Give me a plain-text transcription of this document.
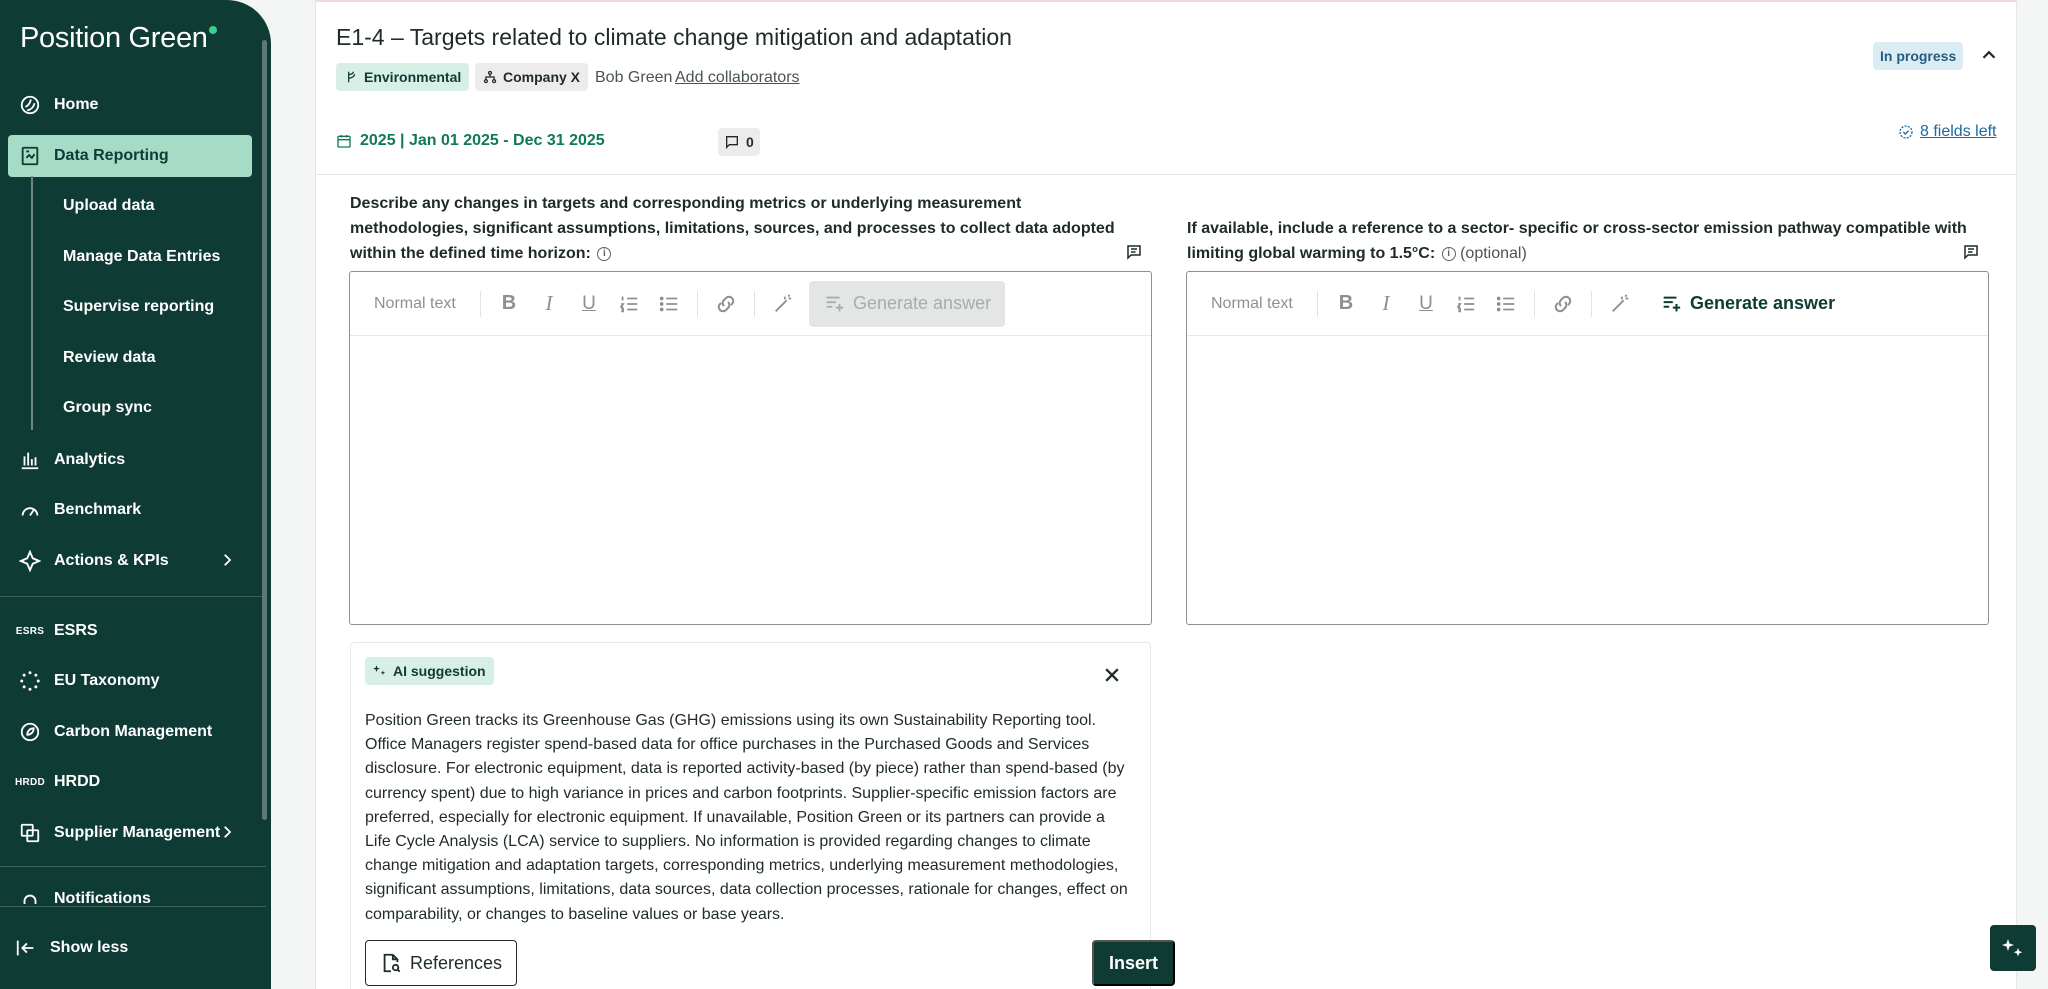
Position Green
Home
Data Reporting
Upload data
Manage Data Entries
Supervise reporting
Review data
Group sync
Analytics
Benchmark
Actions & KPIs
ESRS ESRS
EU Taxonomy
Carbon Management
HRDD HRDD
Supplier Management
Notifications
Show less
E1-4 – Targets related to climate change mitigation and adaptation
Environmental	Company X Bob Green Add collaborators
In progress
2025 | Jan 01 2025 - Dec 31 2025	0
8 fields left
Describe any changes in targets and corresponding metrics or underlying measurement methodologies, significant assumptions, limitations, sources, and processes to collect data adopted within the defined time horizon: i
Normal text	B I U	Generate answer
If available, include a reference to a sector- specific or cross-sector emission pathway compatible with limiting global warming to 1.5°C: i (optional)
Normal text	B I U	Generate answer
AI suggestion

Position Green tracks its Greenhouse Gas (GHG) emissions using its own Sustainability Reporting tool. Office Managers register spend-based data for office purchases in the Purchased Goods and Services disclosure. For electronic equipment, data is reported activity-based (by piece) rather than spend-based (by currency spent) due to high variance in prices and carbon footprints. Supplier-specific emission factors are preferred, especially for electronic equipment. If unavailable, Position Green or its partners can provide a Life Cycle Analysis (LCA) service to suppliers. No information is provided regarding changes to climate change mitigation and adaptation targets, corresponding metrics, underlying measurement methodologies, significant assumptions, limitations, data sources, data collection processes, rationale for changes, effect on comparability, or changes to baseline values or base years.

References	Insert
